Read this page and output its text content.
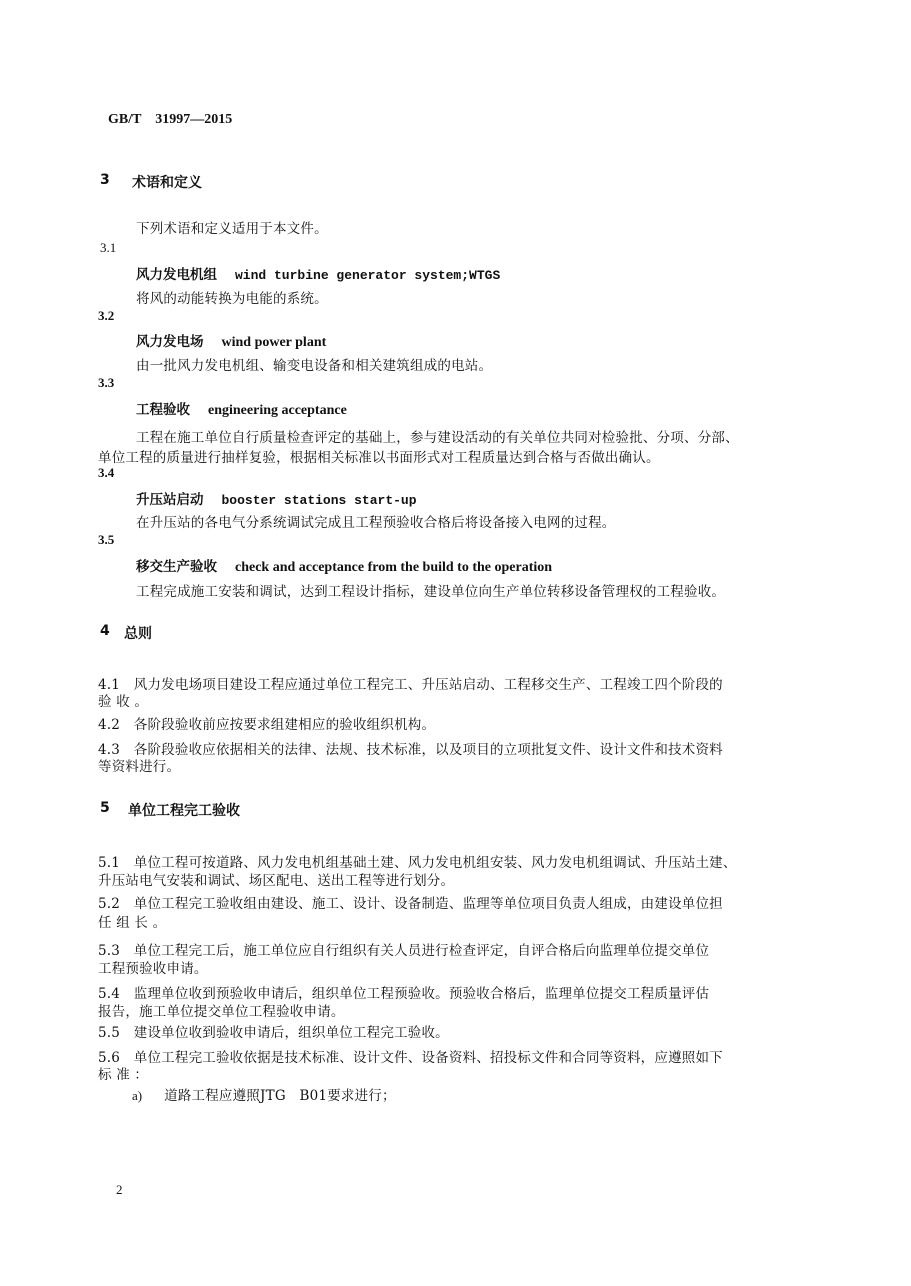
GB/T　31997—2015
3 术语和定义
下列术语和定义适用于本文件。
3.1
风力发电机组 wind turbine generator system;WTGS
将风的动能转换为电能的系统。
3.2
风力发电场 wind power plant
由一批风力发电机组、输变电设备和相关建筑组成的电站。
3.3
工程验收 engineering acceptance
工程在施工单位自行质量检查评定的基础上，参与建设活动的有关单位共同对检验批、分项、分部、
单位工程的质量进行抽样复验，根据相关标准以书面形式对工程质量达到合格与否做出确认。
3.4
升压站启动 booster stations start-up
在升压站的各电气分系统调试完成且工程预验收合格后将设备接入电网的过程。
3.5
移交生产验收 check and acceptance from the build to the operation
工程完成施工安装和调试，达到工程设计指标，建设单位向生产单位转移设备管理权的工程验收。
4 总则
4.1　风力发电场项目建设工程应通过单位工程完工、升压站启动、工程移交生产、工程竣工四个阶段的
验 收 。
4.2　各阶段验收前应按要求组建相应的验收组织机构。
4.3　各阶段验收应依据相关的法律、法规、技术标准，以及项目的立项批复文件、设计文件和技术资料
等资料进行。
5 单位工程完工验收
5.1　单位工程可按道路、风力发电机组基础土建、风力发电机组安装、风力发电机组调试、升压站土建、
升压站电气安装和调试、场区配电、送出工程等进行划分。
5.2　单位工程完工验收组由建设、施工、设计、设备制造、监理等单位项目负责人组成，由建设单位担
任 组 长 。
5.3　单位工程完工后，施工单位应自行组织有关人员进行检查评定，自评合格后向监理单位提交单位
工程预验收申请。
5.4　监理单位收到预验收申请后，组织单位工程预验收。预验收合格后，监理单位提交工程质量评估
报告，施工单位提交单位工程验收申请。
5.5　建设单位收到验收申请后，组织单位工程完工验收。
5.6　单位工程完工验收依据是技术标准、设计文件、设备资料、招投标文件和合同等资料，应遵照如下
标 准 ：
a) 道路工程应遵照JTG　B01要求进行；
2
